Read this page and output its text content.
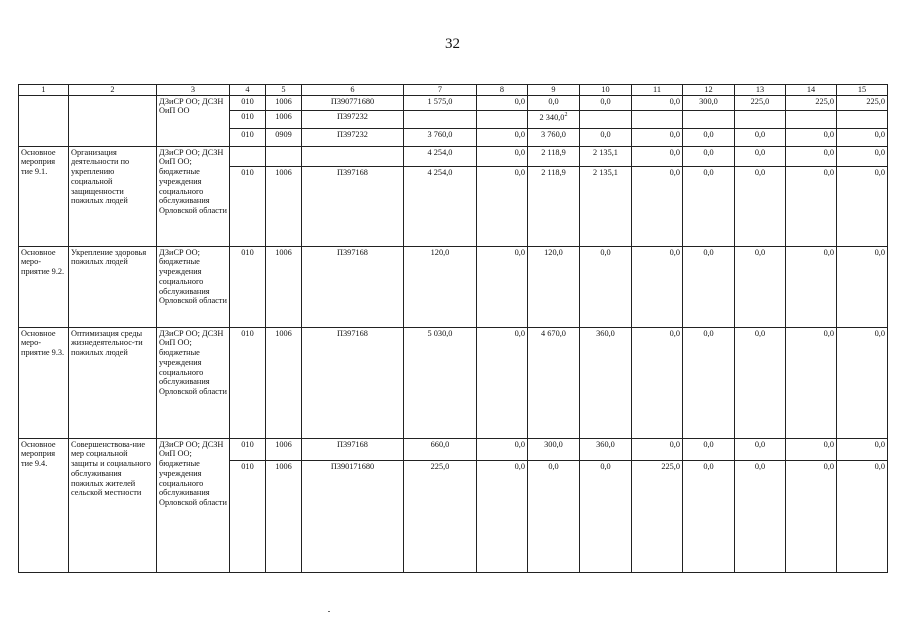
32
1	2	3	4	5	6	7	8	9	10	11	12	13	14	15
		ДЗиСР ОО; ДСЗН ОиП ОО	010	1006	П390771680	1 575,0	0,0	0,0	0,0	0,0	300,0	225,0	225,0	225,0
			010	1006	П397232			2 340,0$^2$						
			010	0909	П397232	3 760,0	0,0	3 760,0	0,0	0,0	0,0	0,0	0,0	0,0
Основное мероприя тие 9.1.	Организация деятельности по укреплению социальной защищенности пожилых людей	ДЗиСР ОО; ДСЗН ОиП ОО; бюджетные учреждения социального обслуживания Орловской области				4 254,0	0,0	2 118,9	2 135,1	0,0	0,0	0,0	0,0	0,0
			010	1006	П397168	4 254,0	0,0	2 118,9	2 135,1	0,0	0,0	0,0	0,0	0,0
Основное меро-приятие 9.2.	Укрепление здоровья пожилых людей	ДЗиСР ОО; бюджетные учреждения социального обслуживания Орловской области	010	1006	П397168	120,0	0,0	120,0	0,0	0,0	0,0	0,0	0,0	0,0
Основное меро-приятие 9.3.	Оптимизация среды жизнедеятельнос-ти пожилых людей	ДЗиСР ОО; ДСЗН ОиП ОО; бюджетные учреждения социального обслуживания Орловской области	010	1006	П397168	5 030,0	0,0	4 670,0	360,0	0,0	0,0	0,0	0,0	0,0
Основное мероприя тие 9.4.	Совершенствова-ние мер социальной защиты и социального обслуживания пожилых жителей сельской местности	ДЗиСР ОО; ДСЗН ОиП ОО; бюджетные учреждения социального обслуживания Орловской области	010	1006	П397168	660,0	0,0	300,0	360,0	0,0	0,0	0,0	0,0	0,0
			010	1006	П390171680	225,0	0,0	0,0	0,0	225,0	0,0	0,0	0,0	0,0
